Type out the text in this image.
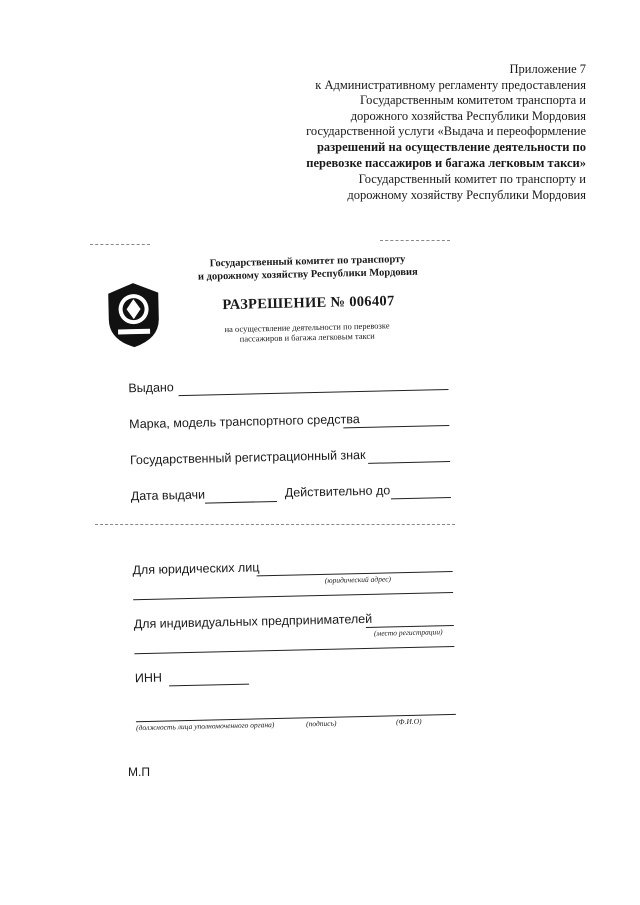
Приложение 7
к Административному регламенту предоставления
Государственным комитетом транспорта и
дорожного хозяйства Республики Мордовия
государственной услуги «Выдача и переоформление
разрешений на осуществление деятельности по
перевозке пассажиров и багажа легковым такси»
Государственный комитет по транспорту и
дорожному хозяйству Республики Мордовия
Государственный комитет по транспорту
и дорожному хозяйству Республики Мордовия
РАЗРЕШЕНИЕ № 006407
на осуществление деятельности по перевозке
пассажиров и багажа легковым такси
Выдано
Марка, модель транспортного средства
Государственный регистрационный знак
Дата выдачи	Действительно до
Для юридических лиц
(юридический адрес)
Для индивидуальных предпринимателей
(место регистрации)
ИНН
(должность лица уполномоченного органа)	(подпись)	(Ф.И.О)
М.П
